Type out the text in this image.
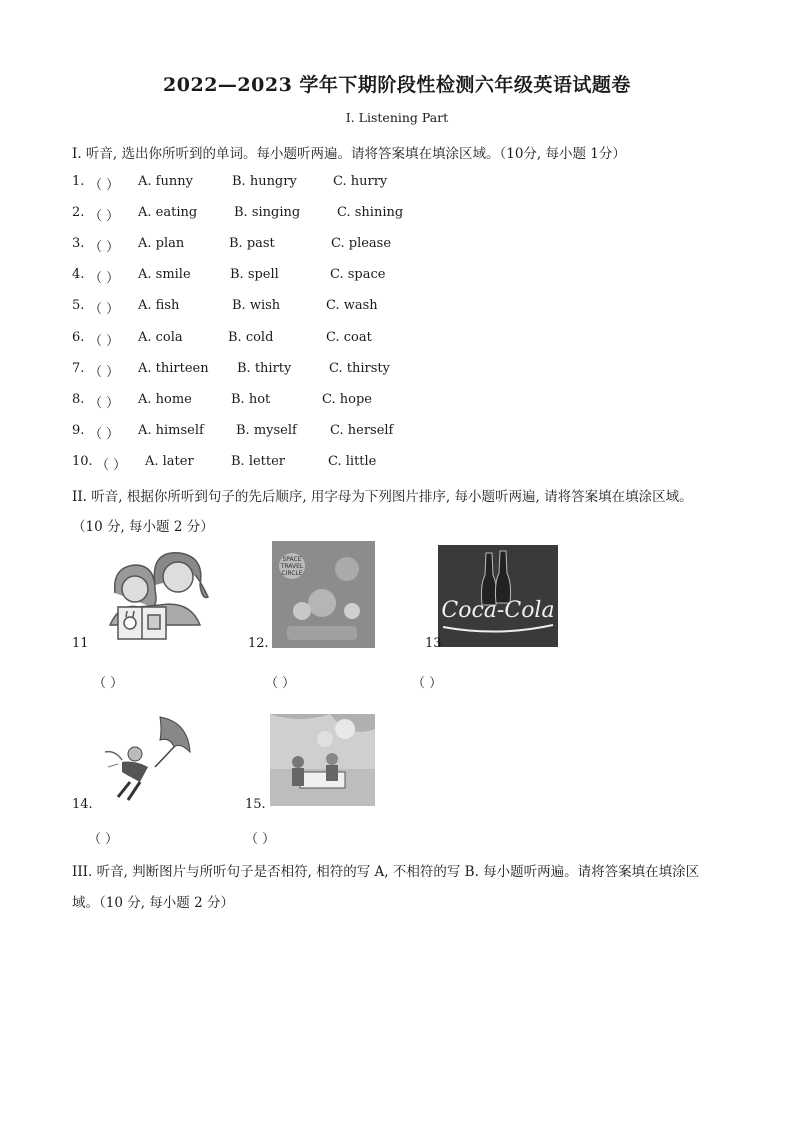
2022—2023 学年下期阶段性检测六年级英语试题卷
I. Listening Part
I. 听音, 选出你所听到的单词。每小题听两遍。请将答案填在填涂区域。（10分, 每小题 1分）
1. （ ） A. funny	B. hungry	C. hurry
2. （ ） A. eating	B. singing	C. shining
3. （ ） A. plan	B. past	C. please
4. （ ） A. smile	B. spell	C. space
5. （ ） A. fish	B. wish	C. wash
6. （ ） A. cola	B. cold	C. coat
7. （ ） A. thirteen B. thirty	C. thirsty
8. （ ） A. home	B. hot	C. hope
9. （ ） A. himself B. myself	C. herself
10. （ ） A. later	B. letter	C. little
II. 听音, 根据你所听到句子的先后顺序, 用字母为下列图片排序, 每小题听两遍, 请将答案填在填涂区域。
（10 分, 每小题 2 分）
11
（ ）
SPACE
TRAVEL
CIRCLE
12.
（ ）
Coca-Cola
13
（ ）
14.
（ ）
15.
（ ）
III. 听音, 判断图片与所听句子是否相符, 相符的写 A, 不相符的写 B. 每小题听两遍。请将答案填在填涂区
域。（10 分, 每小题 2 分）
